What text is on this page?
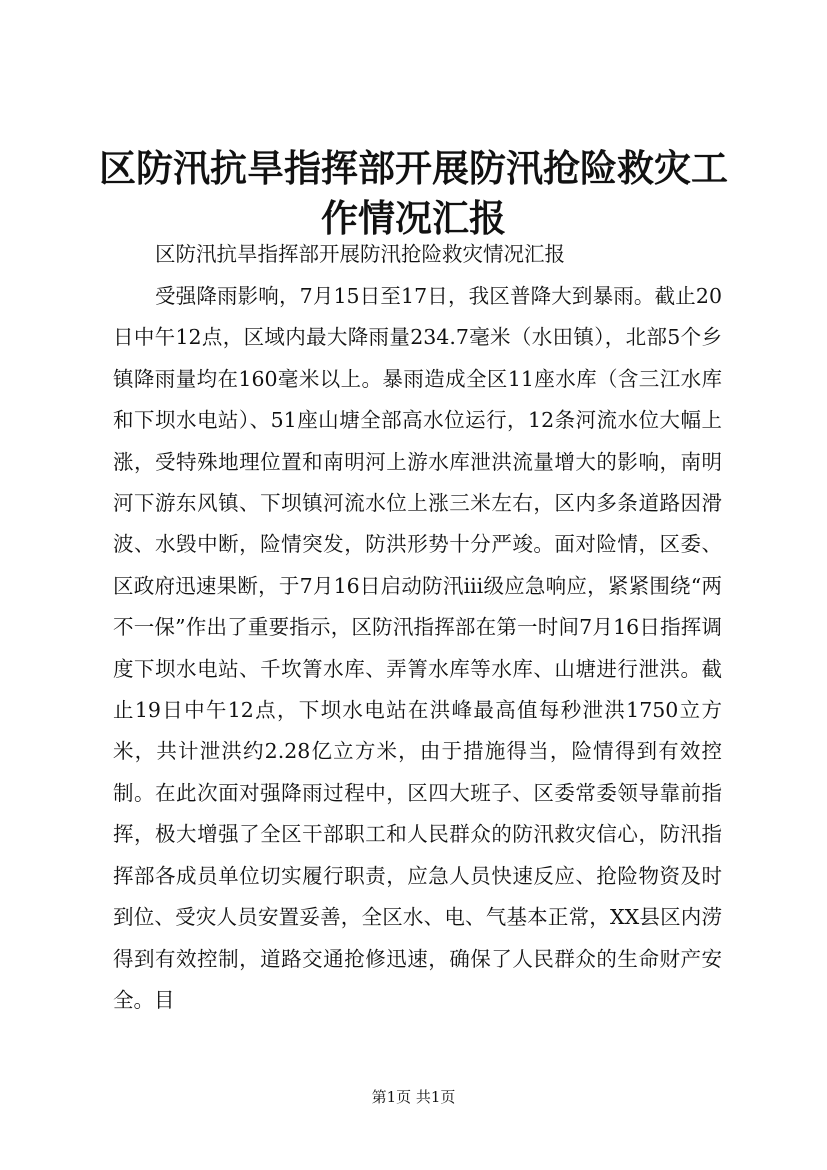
区防汛抗旱指挥部开展防汛抢险救灾工作情况汇报

区防汛抗旱指挥部开展防汛抢险救灾情况汇报

受强降雨影响，7月15日至17日，我区普降大到暴雨。截止20日中午12点，区域内最大降雨量234.7毫米（水田镇），北部5个乡镇降雨量均在160毫米以上。暴雨造成全区11座水库（含三江水库和下坝水电站）、51座山塘全部高水位运行，12条河流水位大幅上涨，受特殊地理位置和南明河上游水库泄洪流量增大的影响，南明河下游东风镇、下坝镇河流水位上涨三米左右，区内多条道路因滑波、水毁中断，险情突发，防洪形势十分严竣。面对险情，区委、区政府迅速果断，于7月16日启动防汛iii级应急响应，紧紧围绕“两不一保”作出了重要指示，区防汛指挥部在第一时间7月16日指挥调度下坝水电站、千坎箐水库、弄箐水库等水库、山塘进行泄洪。截止19日中午12点，下坝水电站在洪峰最高值每秒泄洪1750立方米，共计泄洪约2.28亿立方米，由于措施得当，险情得到有效控制。在此次面对强降雨过程中，区四大班子、区委常委领导靠前指挥，极大增强了全区干部职工和人民群众的防汛救灾信心，防汛指挥部各成员单位切实履行职责，应急人员快速反应、抢险物资及时到位、受灾人员安置妥善，全区水、电、气基本正常，XX县区内涝得到有效控制，道路交通抢修迅速，确保了人民群众的生命财产安全。目

第1页 共1页
